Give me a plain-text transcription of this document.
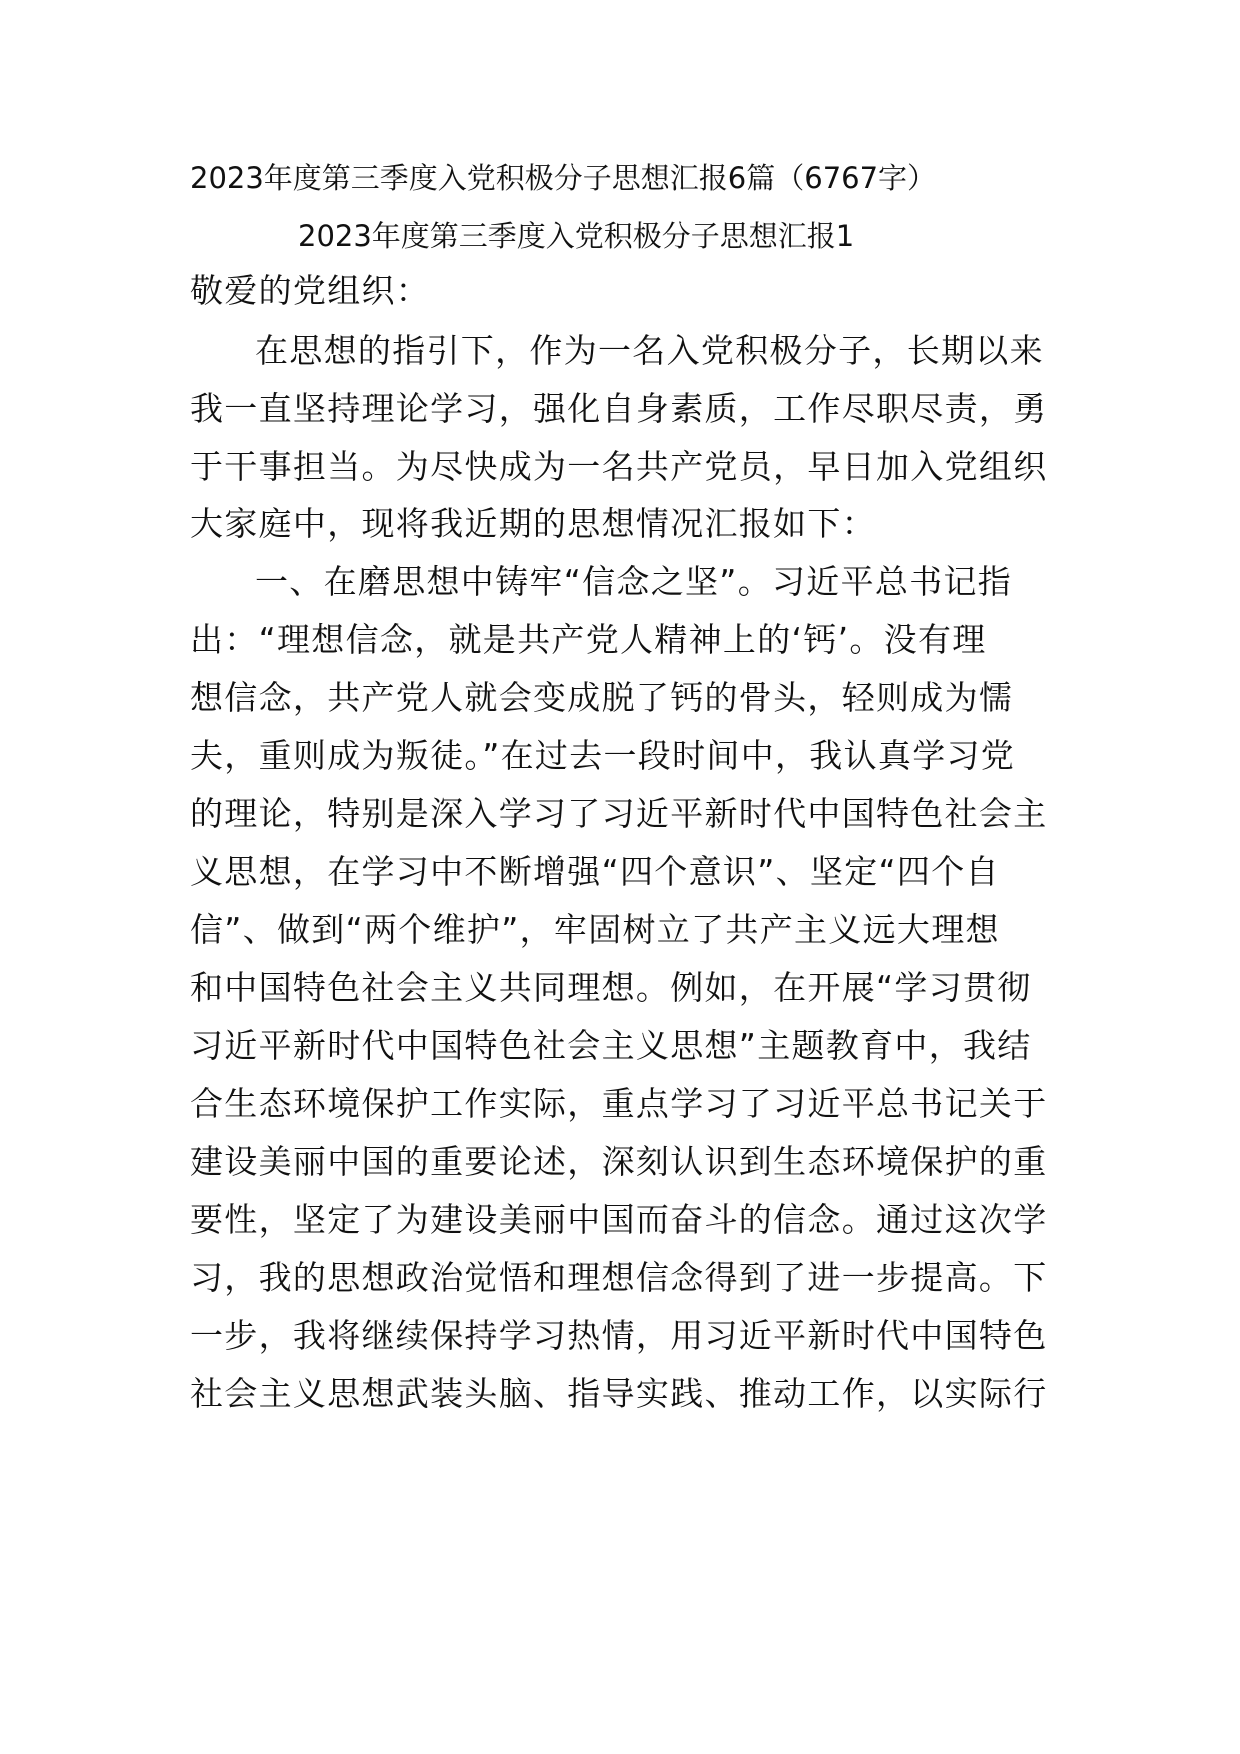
2023年度第三季度入党积极分子思想汇报6篇（6767字）
2023年度第三季度入党积极分子思想汇报1
敬爱的党组织：
在思想的指引下，作为一名入党积极分子，长期以来
我一直坚持理论学习，强化自身素质，工作尽职尽责，勇
于干事担当。为尽快成为一名共产党员，早日加入党组织
大家庭中，现将我近期的思想情况汇报如下：
一、在磨思想中铸牢“信念之坚”。习近平总书记指
出：“理想信念，就是共产党人精神上的‘钙’。没有理
想信念，共产党人就会变成脱了钙的骨头，轻则成为懦
夫，重则成为叛徒。”在过去一段时间中，我认真学习党
的理论，特别是深入学习了习近平新时代中国特色社会主
义思想，在学习中不断增强“四个意识”、坚定“四个自
信”、做到“两个维护”，牢固树立了共产主义远大理想
和中国特色社会主义共同理想。例如，在开展“学习贯彻
习近平新时代中国特色社会主义思想”主题教育中，我结
合生态环境保护工作实际，重点学习了习近平总书记关于
建设美丽中国的重要论述，深刻认识到生态环境保护的重
要性，坚定了为建设美丽中国而奋斗的信念。通过这次学
习，我的思想政治觉悟和理想信念得到了进一步提高。下
一步，我将继续保持学习热情，用习近平新时代中国特色
社会主义思想武装头脑、指导实践、推动工作，以实际行
